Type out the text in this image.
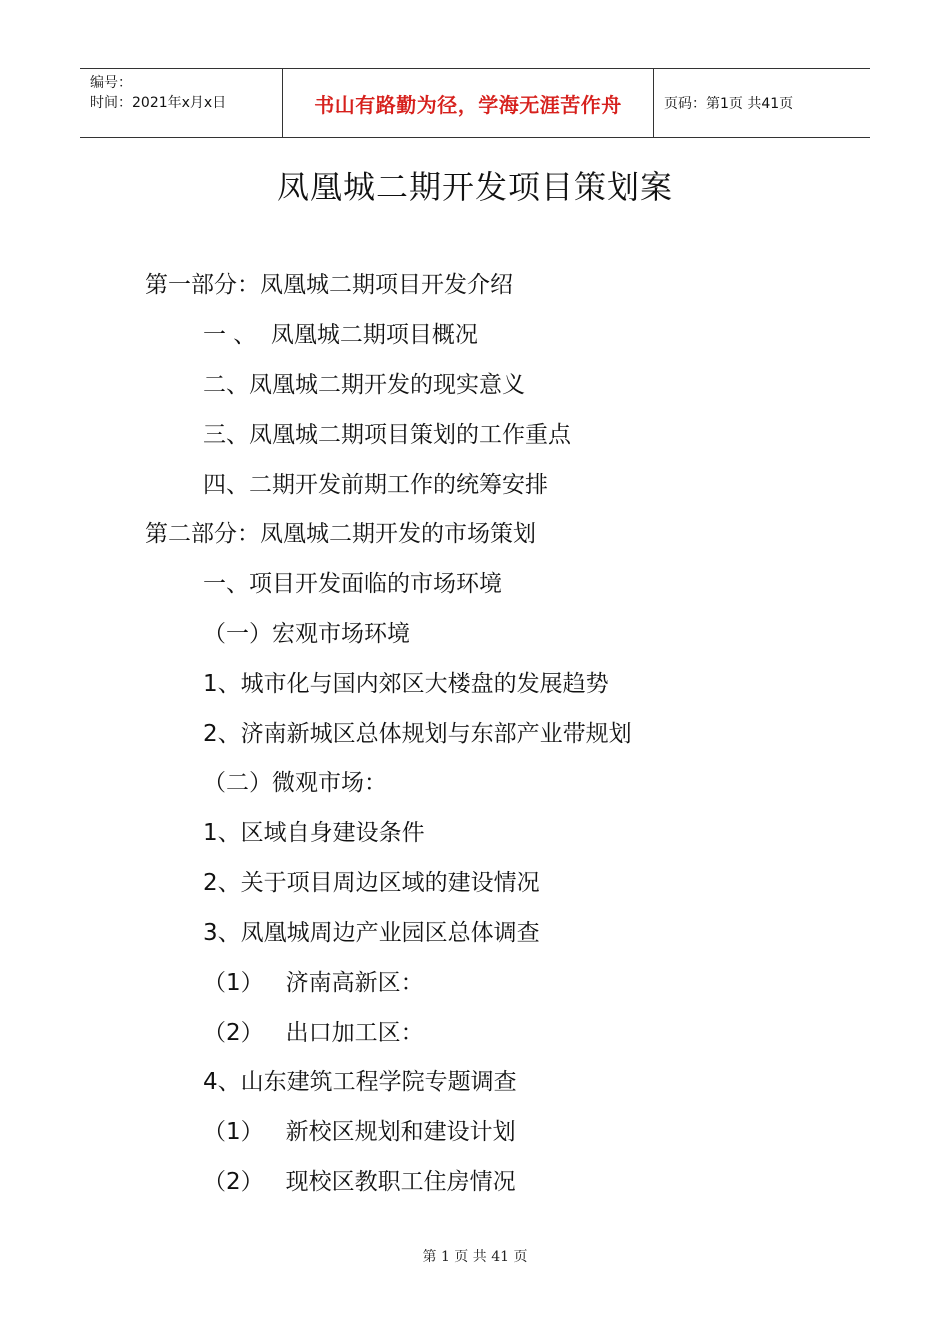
编号：
时间：2021年x月x日	书山有路勤为径，学海无涯苦作舟	页码：第1页 共41页
凤凰城二期开发项目策划案
第一部分：凤凰城二期项目开发介绍
一 、  凤凰城二期项目概况
二、凤凰城二期开发的现实意义
三、凤凰城二期项目策划的工作重点
四、二期开发前期工作的统筹安排
第二部分：凤凰城二期开发的市场策划
一、项目开发面临的市场环境
（一）宏观市场环境
1、城市化与国内郊区大楼盘的发展趋势
2、济南新城区总体规划与东部产业带规划
（二）微观市场：
1、区域自身建设条件
2、关于项目周边区域的建设情况
3、凤凰城周边产业园区总体调查
（1）   济南高新区：
（2）   出口加工区：
4、山东建筑工程学院专题调查
（1）   新校区规划和建设计划
（2）   现校区教职工住房情况
第 1 页 共 41 页
